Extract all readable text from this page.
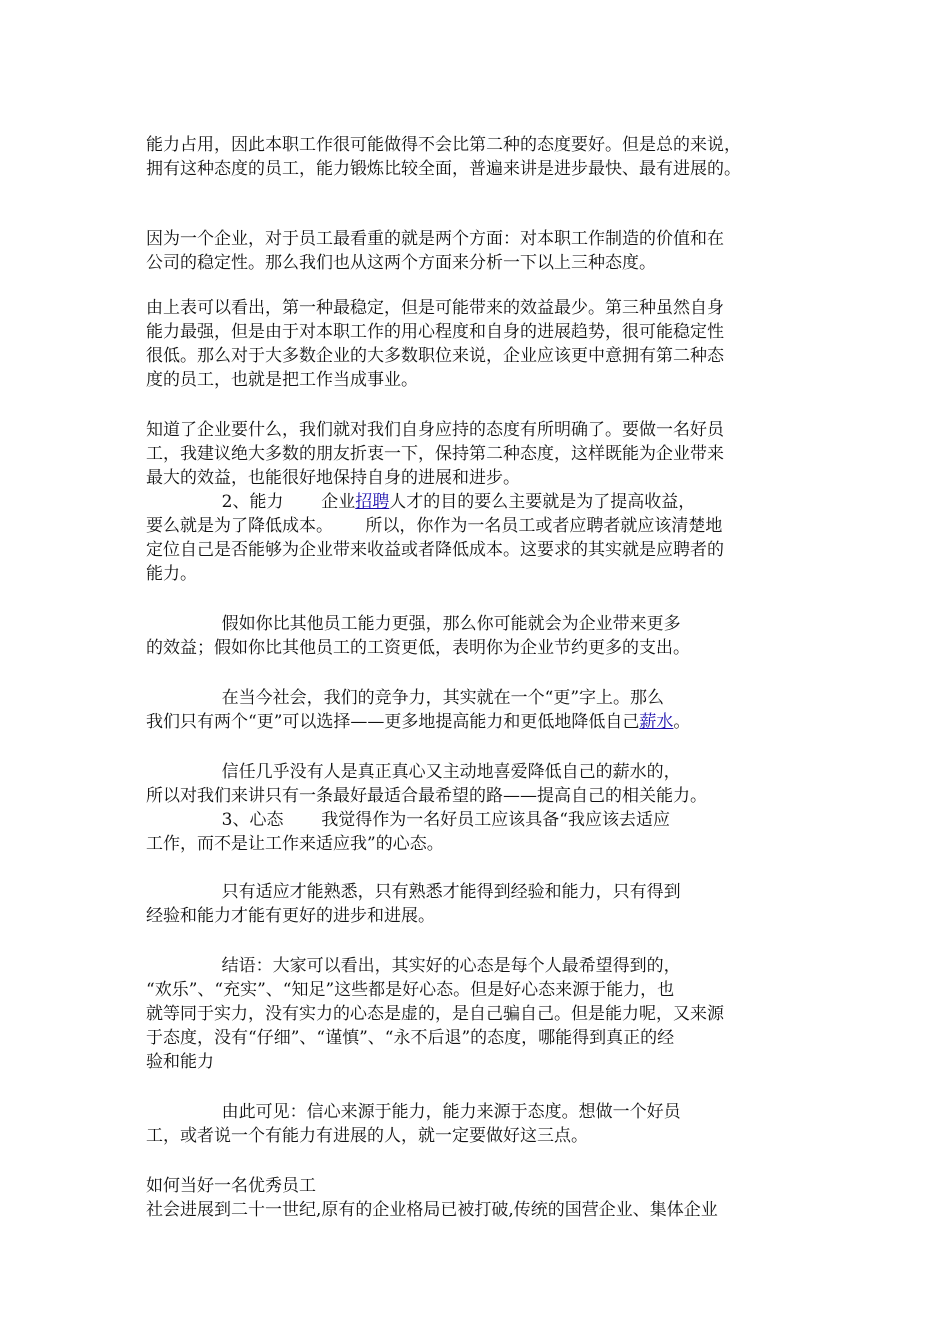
能力占用，因此本职工作很可能做得不会比第二种的态度要好。但是总的来说，
拥有这种态度的员工，能力锻炼比较全面，普遍来讲是进步最快、最有进展的。
因为一个企业，对于员工最看重的就是两个方面：对本职工作制造的价值和在
公司的稳定性。那么我们也从这两个方面来分析一下以上三种态度。
由上表可以看出，第一种最稳定，但是可能带来的效益最少。第三种虽然自身
能力最强，但是由于对本职工作的用心程度和自身的进展趋势，很可能稳定性
很低。那么对于大多数企业的大多数职位来说，企业应该更中意拥有第二种态
度的员工，也就是把工作当成事业。
知道了企业要什么，我们就对我们自身应持的态度有所明确了。要做一名好员
工，我建议绝大多数的朋友折衷一下，保持第二种态度，这样既能为企业带来
最大的效益，也能很好地保持自身的进展和进步。
2、能力       企业招聘人才的目的要么主要就是为了提高收益，
要么就是为了降低成本。      所以，你作为一名员工或者应聘者就应该清楚地
定位自己是否能够为企业带来收益或者降低成本。这要求的其实就是应聘者的
能力。
假如你比其他员工能力更强，那么你可能就会为企业带来更多
的效益；假如你比其他员工的工资更低，表明你为企业节约更多的支出。
在当今社会，我们的竞争力，其实就在一个“更”字上。那么
我们只有两个“更”可以选择——更多地提高能力和更低地降低自己薪水。
信任几乎没有人是真正真心又主动地喜爱降低自己的薪水的，
所以对我们来讲只有一条最好最适合最希望的路——提高自己的相关能力。
3、心态       我觉得作为一名好员工应该具备“我应该去适应
工作，而不是让工作来适应我”的心态。
只有适应才能熟悉，只有熟悉才能得到经验和能力，只有得到
经验和能力才能有更好的进步和进展。
结语：大家可以看出，其实好的心态是每个人最希望得到的，
“欢乐”、“充实”、“知足”这些都是好心态。但是好心态来源于能力，也
就等同于实力，没有实力的心态是虚的，是自己骗自己。但是能力呢，又来源
于态度，没有“仔细”、“谨慎”、“永不后退”的态度，哪能得到真正的经
验和能力
由此可见：信心来源于能力，能力来源于态度。想做一个好员
工，或者说一个有能力有进展的人，就一定要做好这三点。
如何当好一名优秀员工
社会进展到二十一世纪,原有的企业格局已被打破,传统的国营企业、集体企业
